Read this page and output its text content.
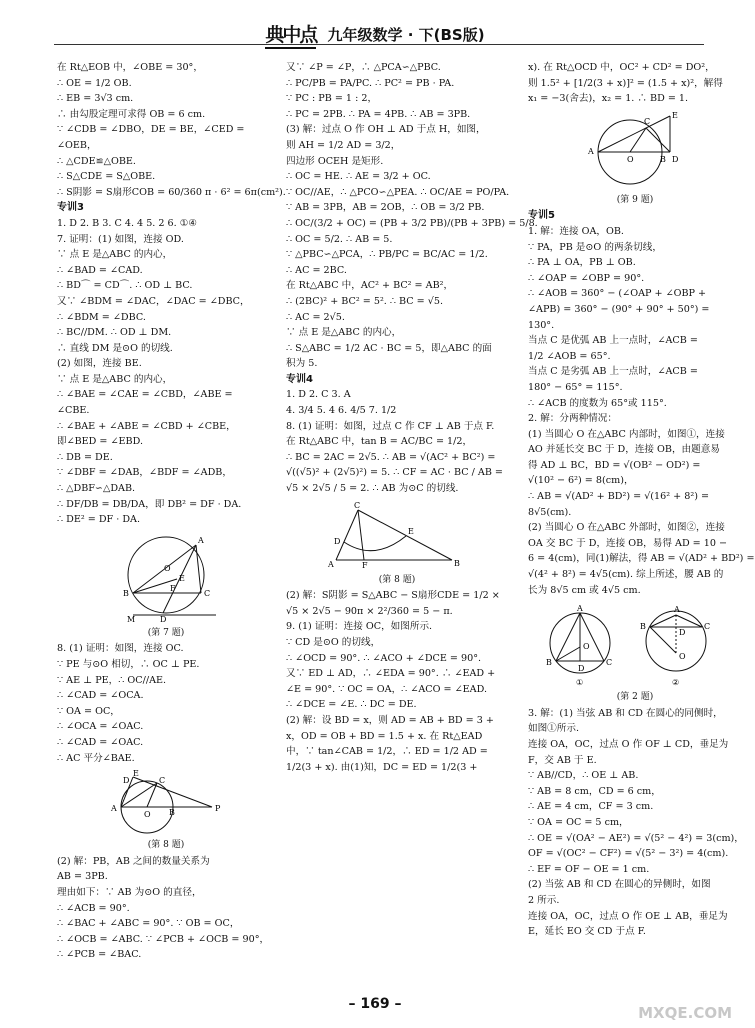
典中点 九年级数学 · 下(BS版)
在 Rt△EOB 中，∠OBE = 30°，
∴ OE = 1/2 OB.
∴ EB = 3√3 cm.
∴ 由勾股定理可求得 OB = 6 cm.
∵ ∠CDB = ∠DBO，DE = BE，∠CED =
∠OEB，
∴ △CDE≌△OBE.
∴ S△CDE = S△OBE.
∴ S阴影 = S扇形COB = 60/360 π · 6² = 6π(cm²).
专训3
1. D 2. B 3. C 4. 4 5. 2 6. ①④
7. 证明：(1) 如图，连接 OD.
∵ 点 E 是△ABC 的内心，
∴ ∠BAD = ∠CAD.
∴ BD⌒ = CD⌒. ∴ OD ⊥ BC.
又∵ ∠BDM = ∠DAC，∠DAC = ∠DBC，
∴ ∠BDM = ∠DBC.
∴ BC//DM. ∴ OD ⊥ DM.
∴ 直线 DM 是⊙O 的切线.
(2) 如图，连接 BE.
∵ 点 E 是△ABC 的内心，
∴ ∠BAE = ∠CAE = ∠CBD，∠ABE =
∠CBE.
∴ ∠BAE + ∠ABE = ∠CBD + ∠CBE，
即∠BED = ∠EBD.
∴ DB = DE.
∵ ∠DBF = ∠DAB，∠BDF = ∠ADB，
∴ △DBF∽△DAB.
∴ DF/DB = DB/DA，即 DB² = DF · DA.
∴ DE² = DF · DA.
A
B	C
D
E
F
O
M
(第 7 题)
8. (1) 证明：如图，连接 OC.
∵ PE 与⊙O 相切，∴ OC ⊥ PE.
∵ AE ⊥ PE，∴ OC//AE.
∴ ∠CAD = ∠OCA.
∵ OA = OC，
∴ ∠OCA = ∠OAC.
∴ ∠CAD = ∠OAC.
∴ AC 平分∠BAE.
E
D	C
A
O B	P
(第 8 题)
(2) 解：PB，AB 之间的数量关系为
AB = 3PB.
理由如下：∵ AB 为⊙O 的直径，
∴ ∠ACB = 90°.
∴ ∠BAC + ∠ABC = 90°. ∵ OB = OC，
∴ ∠OCB = ∠ABC. ∵ ∠PCB + ∠OCB = 90°，
∴ ∠PCB = ∠BAC.
又∵ ∠P = ∠P，∴ △PCA∽△PBC.
∴ PC/PB = PA/PC. ∴ PC² = PB · PA.
∵ PC : PB = 1 : 2，
∴ PC = 2PB. ∴ PA = 4PB. ∴ AB = 3PB.
(3) 解：过点 O 作 OH ⊥ AD 于点 H，如图，
则 AH = 1/2 AD = 3/2，
四边形 OCEH 是矩形.
∴ OC = HE. ∴ AE = 3/2 + OC.
∵ OC//AE，∴ △PCO∽△PEA. ∴ OC/AE = PO/PA.
∵ AB = 3PB，AB = 2OB，∴ OB = 3/2 PB.
∴ OC/(3/2 + OC) = (PB + 3/2 PB)/(PB + 3PB) = 5/8.
∴ OC = 5/2. ∴ AB = 5.
∵ △PBC∽△PCA，∴ PB/PC = BC/AC = 1/2.
∴ AC = 2BC.
在 Rt△ABC 中，AC² + BC² = AB²，
∴ (2BC)² + BC² = 5². ∴ BC = √5.
∴ AC = 2√5.
∵ 点 E 是△ABC 的内心，
∴ S△ABC = 1/2 AC · BC = 5，即△ABC 的面
积为 5.
专训4
1. D 2. C 3. A
4. 3/4 5. 4 6. 4/5 7. 1/2
8. (1) 证明：如图，过点 C 作 CF ⊥ AB 于点 F.
在 Rt△ABC 中，tan B = AC/BC = 1/2，
∴ BC = 2AC = 2√5. ∴ AB = √(AC² + BC²) =
√((√5)² + (2√5)²) = 5. ∴ CF = AC · BC / AB =
√5 × 2√5 / 5 = 2. ∴ AB 为⊙C 的切线.
C
E
D
A	F	B
(第 8 题)
(2) 解：S阴影 = S△ABC − S扇形CDE = 1/2 ×
√5 × 2√5 − 90π × 2²/360 = 5 − π.
9. (1) 证明：连接 OC，如图所示.
∵ CD 是⊙O 的切线，
∴ ∠OCD = 90°. ∴ ∠ACO + ∠DCE = 90°.
又∵ ED ⊥ AD，∴ ∠EDA = 90°. ∴ ∠EAD +
∠E = 90°. ∵ OC = OA，∴ ∠ACO = ∠EAD.
∴ ∠DCE = ∠E. ∴ DC = DE.
(2) 解：设 BD = x，则 AD = AB + BD = 3 +
x，OD = OB + BD = 1.5 + x. 在 Rt△EAD
中，∵ tan∠CAB = 1/2，∴ ED = 1/2 AD =
1/2(3 + x). 由(1)知，DC = ED = 1/2(3 +
x). 在 Rt△OCD 中，OC² + CD² = DO²，
则 1.5² + [1/2(3 + x)]² = (1.5 + x)²，解得
x₁ = −3(舍去)，x₂ = 1. ∴ BD = 1.
A
O	B D
C
E
(第 9 题)
专训5
1. 解：连接 OA，OB.
∵ PA，PB 是⊙O 的两条切线，
∴ PA ⊥ OA，PB ⊥ OB.
∴ ∠OAP = ∠OBP = 90°.
∴ ∠AOB = 360° − (∠OAP + ∠OBP +
∠APB) = 360° − (90° + 90° + 50°) =
130°.
当点 C 是优弧 AB 上一点时，∠ACB =
1/2 ∠AOB = 65°.
当点 C 是劣弧 AB 上一点时，∠ACB =
180° − 65° = 115°.
∴ ∠ACB 的度数为 65°或 115°.
2. 解：分两种情况：
(1) 当圆心 O 在△ABC 内部时，如图①，连接
AO 并延长交 BC 于 D，连接 OB，由题意易
得 AD ⊥ BC，BD = √(OB² − OD²) =
√(10² − 6²) = 8(cm)，
∴ AB = √(AD² + BD²) = √(16² + 8²) =
8√5(cm).
(2) 当圆心 O 在△ABC 外部时，如图②，连接
OA 交 BC 于 D，连接 OB，易得 AD = 10 −
6 = 4(cm)，同(1)解法，得 AB = √(AD² + BD²) =
√(4² + 8²) = 4√5(cm). 综上所述，腰 AB 的
长为 8√5 cm 或 4√5 cm.
A
B	C
D
O
①
A
B	C
D
O
②
(第 2 题)
3. 解：(1) 当弦 AB 和 CD 在圆心的同侧时，
如图①所示.
连接 OA，OC，过点 O 作 OF ⊥ CD，垂足为
F，交 AB 于 E.
∵ AB//CD，∴ OE ⊥ AB.
∵ AB = 8 cm，CD = 6 cm，
∴ AE = 4 cm，CF = 3 cm.
∵ OA = OC = 5 cm，
∴ OE = √(OA² − AE²) = √(5² − 4²) = 3(cm)，
OF = √(OC² − CF²) = √(5² − 3²) = 4(cm).
∴ EF = OF − OE = 1 cm.
(2) 当弦 AB 和 CD 在圆心的异侧时，如图
2 所示.
连接 OA，OC，过点 O 作 OE ⊥ AB，垂足为
E，延长 EO 交 CD 于点 F.
– 169 –	MXQE.COM
